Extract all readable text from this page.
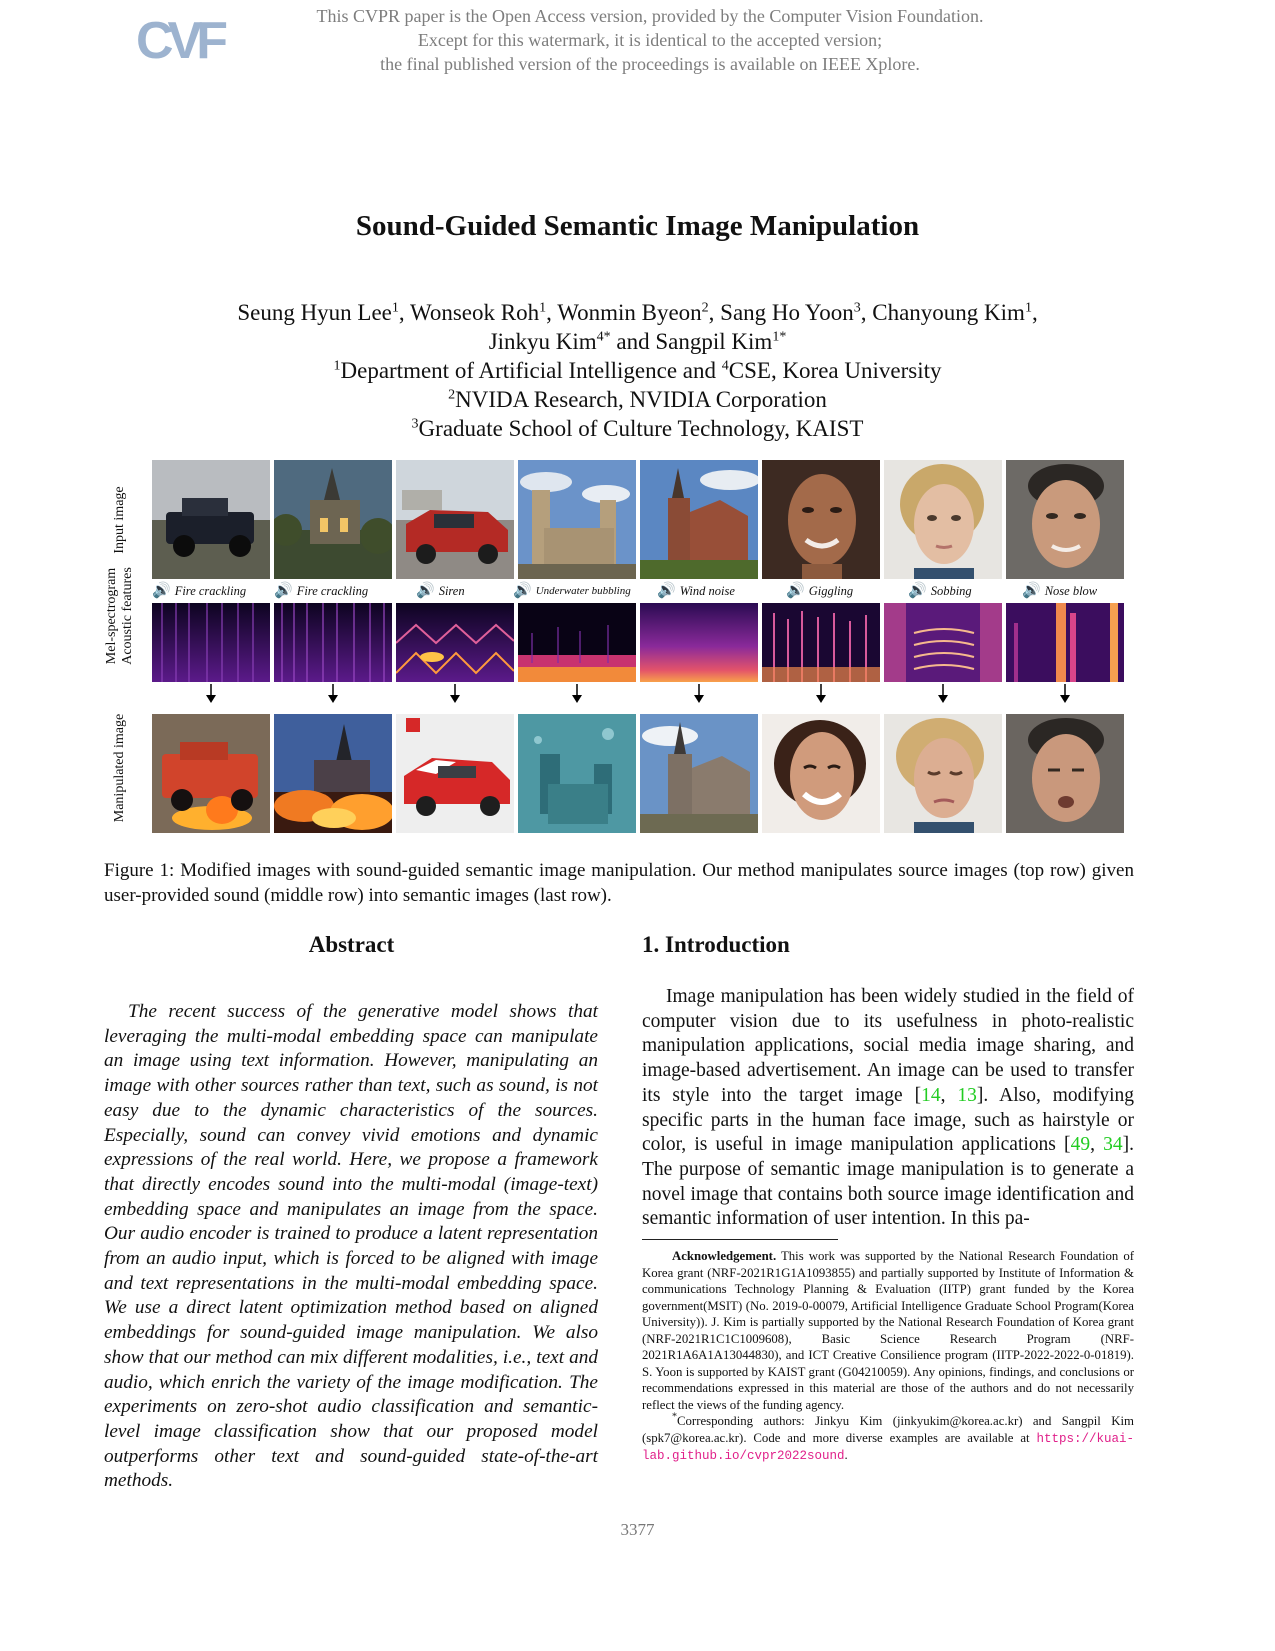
CVF	This CVPR paper is the Open Access version, provided by the Computer Vision Foundation.
Except for this watermark, it is identical to the accepted version;
the final published version of the proceedings is available on IEEE Xplore.
Sound-Guided Semantic Image Manipulation
Seung Hyun Lee$^1$, Wonseok Roh$^1$, Wonmin Byeon$^2$, Sang Ho Yoon$^3$, Chanyoung Kim$^1$,
Jinkyu Kim$^{4*}$ and Sangpil Kim$^{1*}$
$^1$Department of Artificial Intelligence and $^4$CSE, Korea University
$^2$NVIDA Research, NVIDIA Corporation
$^3$Graduate School of Culture Technology, KAIST
Input image
Mel-spectrogram Acoustic features
Manipulated image
🔊 Fire crackling 🔊 Fire crackling	🔊 Siren	🔊 Underwater bubbling 🔊 Wind noise	🔊 Giggling	🔊 Sobbing	🔊 Nose blow
Figure 1: Modified images with sound-guided semantic image manipulation. Our method manipulates source images (top row) given user-provided sound (middle row) into semantic images (last row).
Abstract

The recent success of the generative model shows that leveraging the multi-modal embedding space can manipulate an image using text information. However, manipulating an image with other sources rather than text, such as sound, is not easy due to the dynamic characteristics of the sources. Especially, sound can convey vivid emotions and dynamic expressions of the real world. Here, we propose a framework that directly encodes sound into the multi-modal (image-text) embedding space and manipulates an image from the space. Our audio encoder is trained to produce a latent representation from an audio input, which is forced to be aligned with image and text representations in the multi-modal embedding space. We use a direct latent optimization method based on aligned embeddings for sound-guided image manipulation. We also show that our method can mix different modalities, i.e., text and audio, which enrich the variety of the image modification. The experiments on zero-shot audio classification and semantic-level image classification show that our proposed model outperforms other text and sound-guided state-of-the-art methods.

1. Introduction

Image manipulation has been widely studied in the field of computer vision due to its usefulness in photo-realistic manipulation applications, social media image sharing, and image-based advertisement. An image can be used to transfer its style into the target image [14, 13]. Also, modifying specific parts in the human face image, such as hairstyle or color, is useful in image manipulation applications [49, 34]. The purpose of semantic image manipulation is to generate a novel image that contains both source image identification and semantic information of user intention. In this pa-

Acknowledgement. This work was supported by the National Research Foundation of Korea grant (NRF-2021R1G1A1093855) and partially supported by Institute of Information & communications Technology Planning & Evaluation (IITP) grant funded by the Korea government(MSIT) (No. 2019-0-00079, Artificial Intelligence Graduate School Program(Korea University)). J. Kim is partially supported by the National Research Foundation of Korea grant (NRF-2021R1C1C1009608), Basic Science Research Program (NRF-2021R1A6A1A13044830), and ICT Creative Consilience program (IITP-2022-2022-0-01819). S. Yoon is supported by KAIST grant (G04210059). Any opinions, findings, and conclusions or recommendations expressed in this material are those of the authors and do not necessarily reflect the views of the funding agency.

*Corresponding authors: Jinkyu Kim (jinkyukim@korea.ac.kr) and Sangpil Kim (spk7@korea.ac.kr). Code and more diverse examples are available at https://kuai-lab.github.io/cvpr2022sound.

3377
